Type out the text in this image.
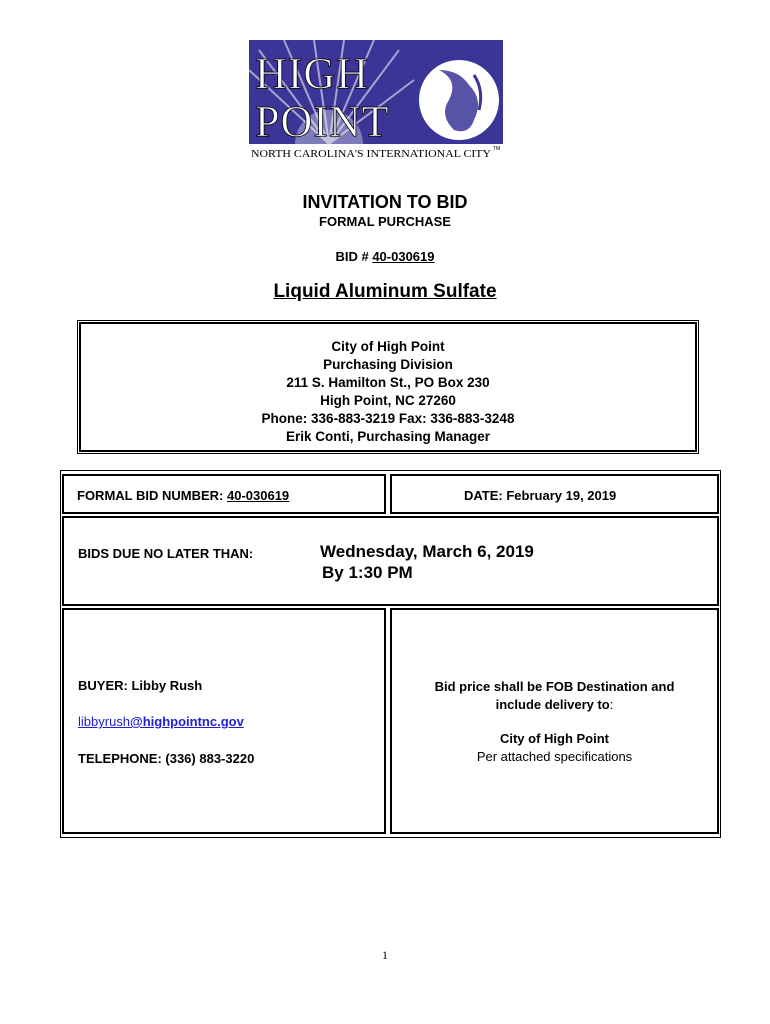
HIGH
POINT
NORTH CAROLINA'S INTERNATIONAL CITY TM
INVITATION TO BID
FORMAL PURCHASE
BID # 40-030619
Liquid Aluminum Sulfate
City of High Point
Purchasing Division
211 S. Hamilton St., PO Box 230
High Point, NC 27260
Phone: 336-883-3219 Fax: 336-883-3248
Erik Conti, Purchasing Manager
FORMAL BID NUMBER: 40-030619	DATE: February 19, 2019
BIDS DUE NO LATER THAN:	Wednesday, March 6, 2019
By 1:30 PM
BUYER: Libby Rush
libbyrush@highpointnc.gov
TELEPHONE: (336) 883-3220
Bid price shall be FOB Destination and
include delivery to:
City of High Point
Per attached specifications
1
